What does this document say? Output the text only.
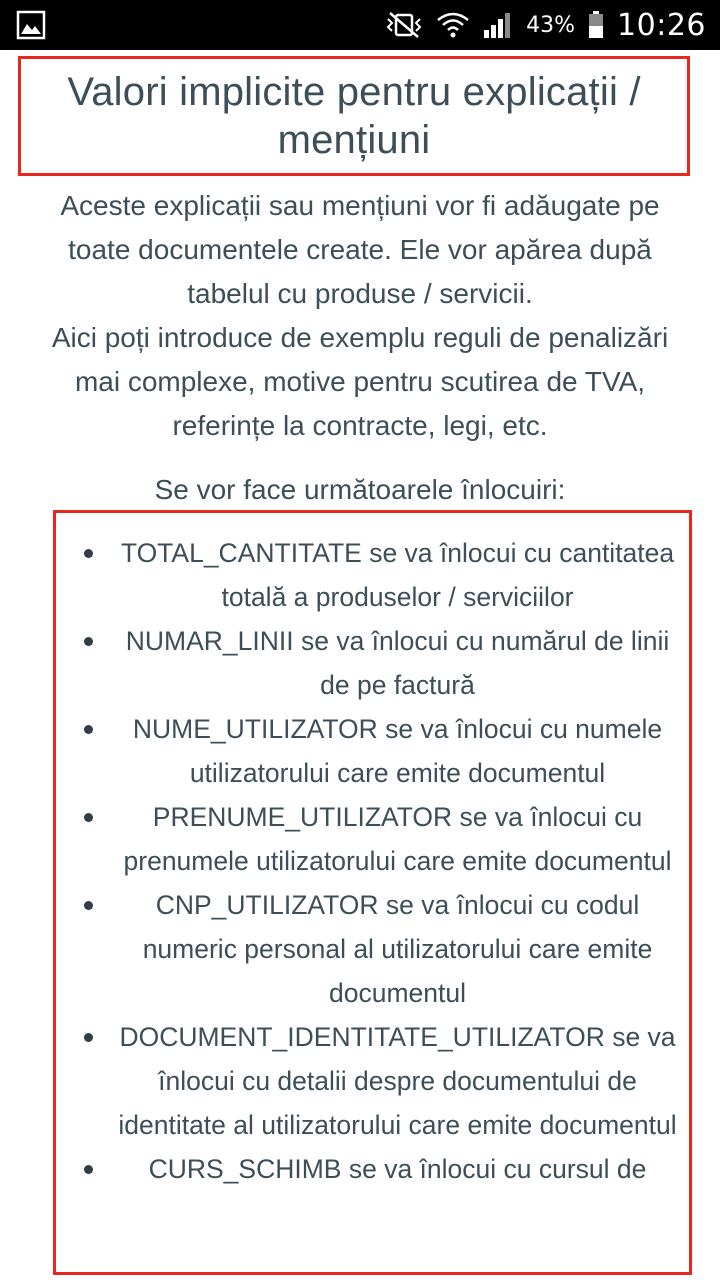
43% 10:26
Valori implicite pentru explicații / mențiuni

Aceste explicații sau mențiuni vor fi adăugate pe toate documentele create. Ele vor apărea după tabelul cu produse / servicii.

Aici poți introduce de exemplu reguli de penalizări mai complexe, motive pentru scutirea de TVA, referințe la contracte, legi, etc.

Se vor face următoarele înlocuiri:
TOTAL_CANTITATE se va înlocui cu cantitatea totală a produselor / serviciilor
NUMAR_LINII se va înlocui cu numărul de linii de pe factură
NUME_UTILIZATOR se va înlocui cu numele utilizatorului care emite documentul
PRENUME_UTILIZATOR se va înlocui cu prenumele utilizatorului care emite documentul
CNP_UTILIZATOR se va înlocui cu codul numeric personal al utilizatorului care emite documentul
DOCUMENT_IDENTITATE_UTILIZATOR se va înlocui cu detalii despre documentului de identitate al utilizatorului care emite documentul
CURS_SCHIMB se va înlocui cu cursul de
